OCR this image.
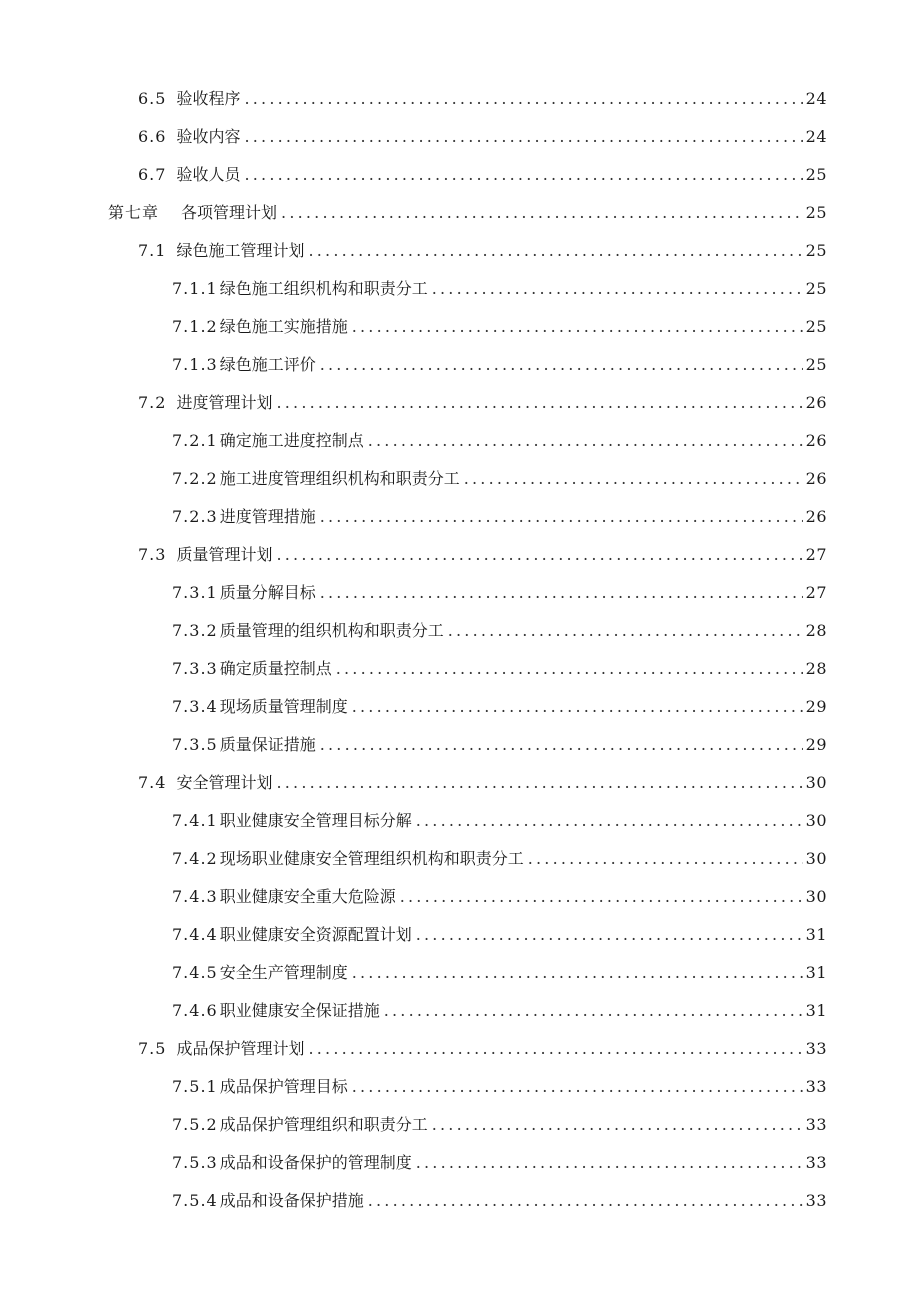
6.5 验收程序 .....	24
6.6 验收内容 .....	24
6.7 验收人员 .....	25
第七章 各项管理计划 .....	25
7.1 绿色施工管理计划 .....	25
7.1.1 绿色施工组织机构和职责分工 .....	25
7.1.2 绿色施工实施措施 .....	25
7.1.3 绿色施工评价 .....	25
7.2 进度管理计划 .....	26
7.2.1 确定施工进度控制点 .....	26
7.2.2 施工进度管理组织机构和职责分工 .....	26
7.2.3 进度管理措施 .....	26
7.3 质量管理计划 .....	27
7.3.1 质量分解目标 .....	27
7.3.2 质量管理的组织机构和职责分工 .....	28
7.3.3 确定质量控制点 .....	28
7.3.4 现场质量管理制度 .....	29
7.3.5 质量保证措施 .....	29
7.4 安全管理计划 .....	30
7.4.1 职业健康安全管理目标分解 .....	30
7.4.2 现场职业健康安全管理组织机构和职责分工 .....	30
7.4.3 职业健康安全重大危险源 .....	30
7.4.4 职业健康安全资源配置计划 .....	31
7.4.5 安全生产管理制度 .....	31
7.4.6 职业健康安全保证措施 .....	31
7.5 成品保护管理计划 .....	33
7.5.1 成品保护管理目标 .....	33
7.5.2 成品保护管理组织和职责分工 .....	33
7.5.3 成品和设备保护的管理制度 .....	33
7.5.4 成品和设备保护措施 .....	33
